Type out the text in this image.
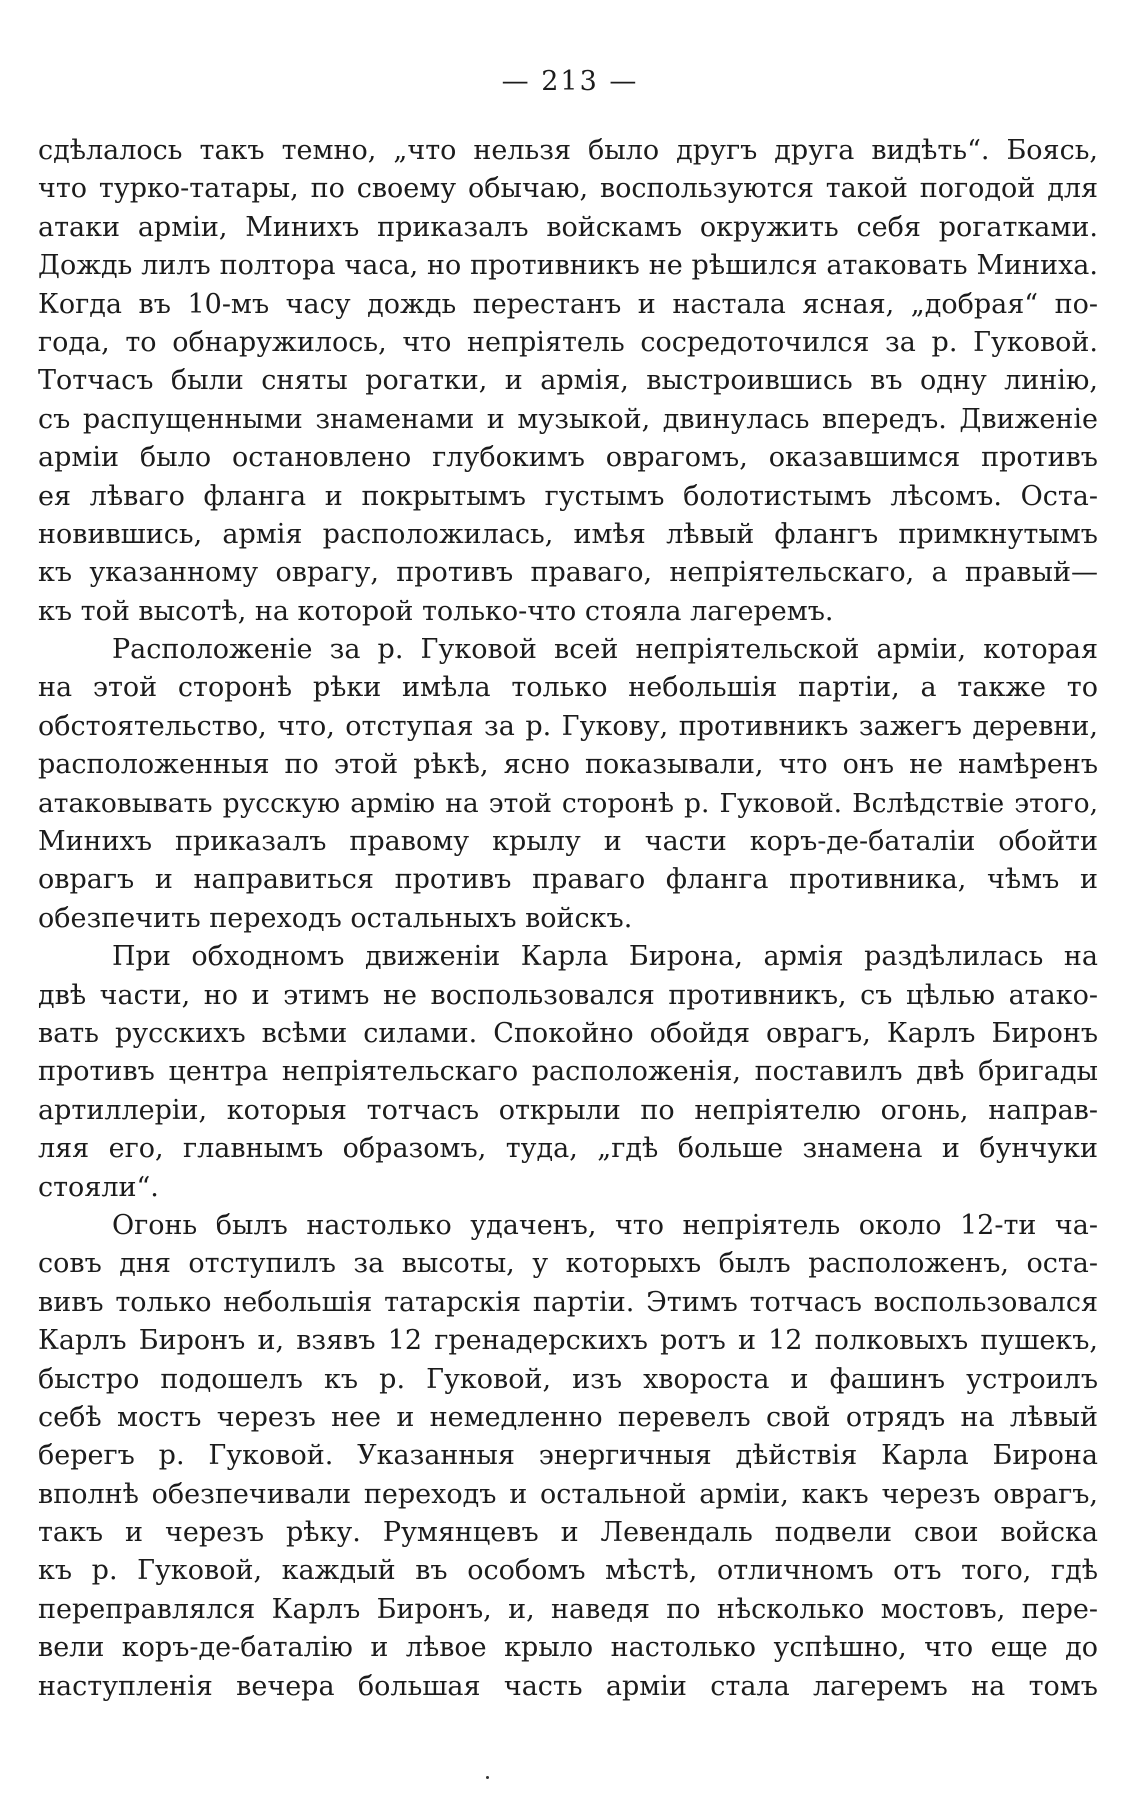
— 213 —
сдѣлалось такъ темно, „что нельзя было другъ друга видѣть“. Боясь,
что турко-татары, по своему обычаю, воспользуются такой погодой для
атаки арміи, Минихъ приказалъ войскамъ окружить себя рогатками.
Дождь лилъ полтора часа, но противникъ не рѣшился атаковать Миниха.
Когда въ 10-мъ часу дождь перестанъ и настала ясная, „добрая“ по-
года, то обнаружилось, что непріятель сосредоточился за р. Гуковой.
Тотчасъ были сняты рогатки, и армія, выстроившись въ одну линію,
съ распущенными знаменами и музыкой, двинулась впередъ. Движеніе
арміи было остановлено глубокимъ оврагомъ, оказавшимся противъ
ея лѣваго фланга и покрытымъ густымъ болотистымъ лѣсомъ. Оста-
новившись, армія расположилась, имѣя лѣвый флангъ примкнутымъ
къ указанному оврагу, противъ праваго, непріятельскаго, а правый—
къ той высотѣ, на которой только-что стояла лагеремъ.
Расположеніе за р. Гуковой всей непріятельской арміи, которая
на этой сторонѣ рѣки имѣла только небольшія партіи, а также то
обстоятельство, что, отступая за р. Гукову, противникъ зажегъ деревни,
расположенныя по этой рѣкѣ, ясно показывали, что онъ не намѣренъ
атаковывать русскую армію на этой сторонѣ р. Гуковой. Вслѣдствіе этого,
Минихъ приказалъ правому крылу и части коръ-де-баталіи обойти
оврагъ и направиться противъ праваго фланга противника, чѣмъ и
обезпечить переходъ остальныхъ войскъ.
При обходномъ движеніи Карла Бирона, армія раздѣлилась на
двѣ части, но и этимъ не воспользовался противникъ, съ цѣлью атако-
вать русскихъ всѣми силами. Спокойно обойдя оврагъ, Карлъ Биронъ
противъ центра непріятельскаго расположенія, поставилъ двѣ бригады
артиллеріи, которыя тотчасъ открыли по непріятелю огонь, направ-
ляя его, главнымъ образомъ, туда, „гдѣ больше знамена и бунчуки
стояли“.
Огонь былъ настолько удаченъ, что непріятель около 12-ти ча-
совъ дня отступилъ за высоты, у которыхъ былъ расположенъ, оста-
вивъ только небольшія татарскія партіи. Этимъ тотчасъ воспользовался
Карлъ Биронъ и, взявъ 12 гренадерскихъ ротъ и 12 полковыхъ пушекъ,
быстро подошелъ къ р. Гуковой, изъ хвороста и фашинъ устроилъ
себѣ мостъ черезъ нее и немедленно перевелъ свой отрядъ на лѣвый
берегъ р. Гуковой. Указанныя энергичныя дѣйствія Карла Бирона
вполнѣ обезпечивали переходъ и остальной арміи, какъ черезъ оврагъ,
такъ и черезъ рѣку. Румянцевъ и Левендаль подвели свои войска
къ р. Гуковой, каждый въ особомъ мѣстѣ, отличномъ отъ того, гдѣ
переправлялся Карлъ Биронъ, и, наведя по нѣсколько мостовъ, пере-
вели коръ-де-баталію и лѣвое крыло настолько успѣшно, что еще до
наступленія вечера большая часть арміи стала лагеремъ на томъ
